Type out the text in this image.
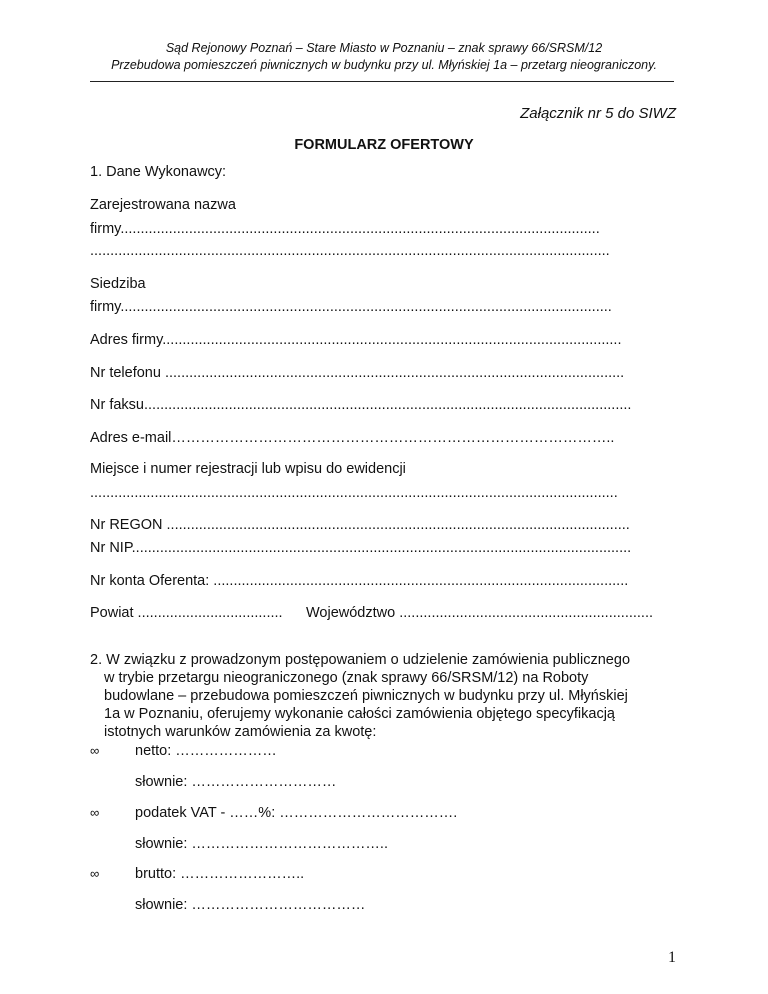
Sąd Rejonowy Poznań – Stare Miasto w Poznaniu – znak sprawy 66/SRSM/12
Przebudowa pomieszczeń piwnicznych w budynku przy ul. Młyńskiej 1a – przetarg nieograniczony.
Załącznik nr 5 do SIWZ
FORMULARZ OFERTOWY
1. Dane Wykonawcy:
Zarejestrowana nazwa
firmy.......................................................................................................................
.................................................................................................................................
Siedziba
firmy..........................................................................................................................
Adres firmy..................................................................................................................
Nr telefonu ..................................................................................................................
Nr faksu.........................................................................................................................
Adres e-mail………………………………………………………………………………..
Miejsce i numer rejestracji lub wpisu do ewidencji
...................................................................................................................................
Nr REGON ...................................................................................................................
Nr NIP............................................................................................................................
Nr konta Oferenta: .......................................................................................................
Powiat .................................... Województwo ...............................................................
2. W związku z prowadzonym postępowaniem o udzielenie zamówienia publicznego
w trybie przetargu nieograniczonego (znak sprawy 66/SRSM/12) na Roboty
budowlane – przebudowa pomieszczeń piwnicznych w budynku przy ul. Młyńskiej
1a w Poznaniu, oferujemy wykonanie całości zamówienia objętego specyfikacją
istotnych warunków zamówienia za kwotę:
∞ netto: …………………
słownie: …………………………
∞ podatek VAT - ……%: ……………………………….
słownie: …………………………………..
∞ brutto: ……………………..
słownie: ………………………………
1
